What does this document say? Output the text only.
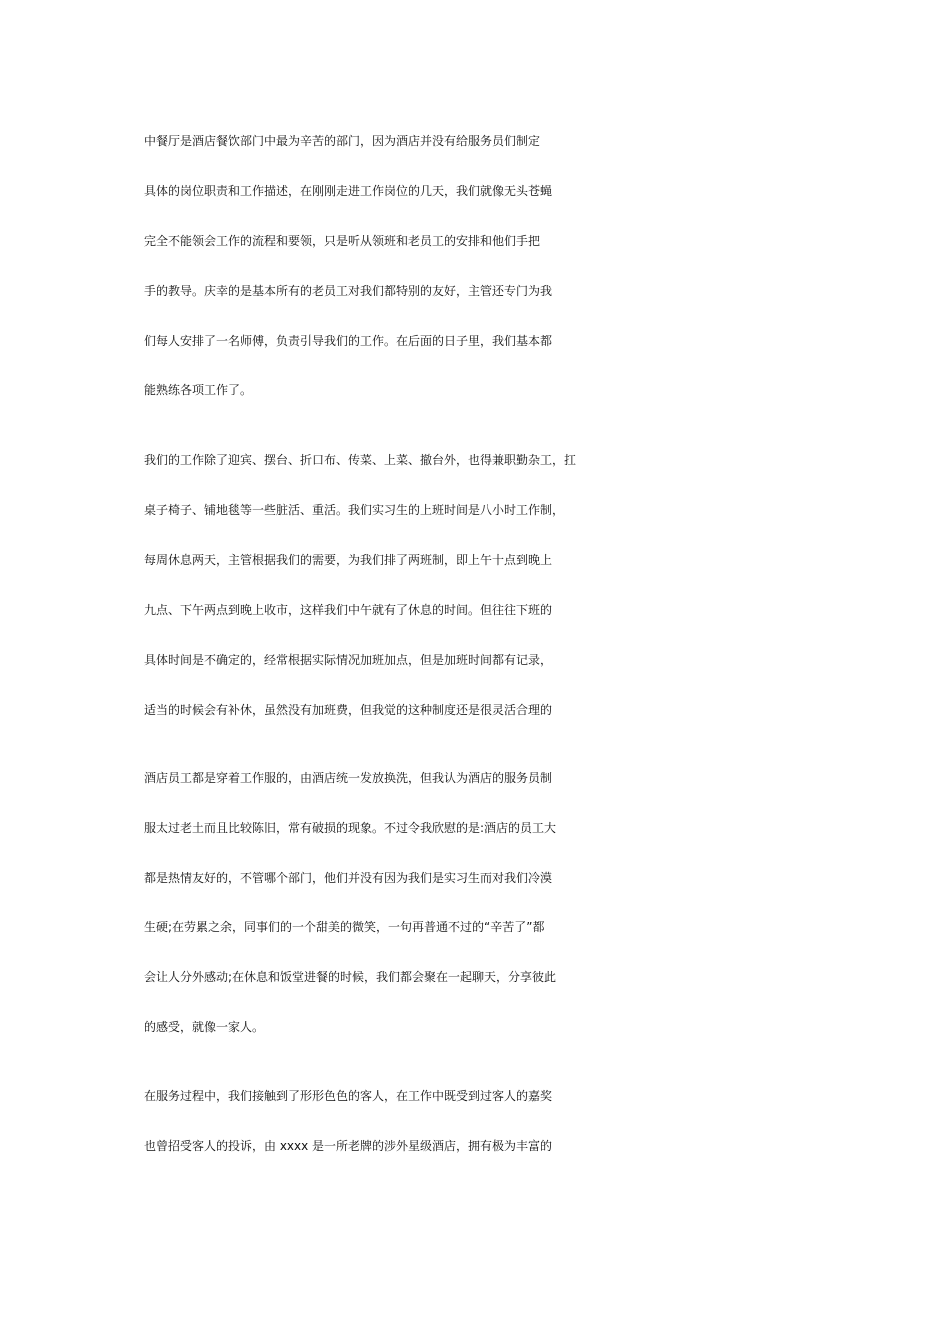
中餐厅是酒店餐饮部门中最为辛苦的部门，因为酒店并没有给服务员们制定
具体的岗位职责和工作描述，在刚刚走进工作岗位的几天，我们就像无头苍蝇
完全不能领会工作的流程和要领，只是听从领班和老员工的安排和他们手把
手的教导。庆幸的是基本所有的老员工对我们都特别的友好，主管还专门为我
们每人安排了一名师傅，负责引导我们的工作。在后面的日子里，我们基本都
能熟练各项工作了。
我们的工作除了迎宾、摆台、折口布、传菜、上菜、撤台外，也得兼职勤杂工，扛
桌子椅子、铺地毯等一些脏活、重活。我们实习生的上班时间是八小时工作制，
每周休息两天，主管根据我们的需要，为我们排了两班制，即上午十点到晚上
九点、下午两点到晚上收市，这样我们中午就有了休息的时间。但往往下班的
具体时间是不确定的，经常根据实际情况加班加点，但是加班时间都有记录，
适当的时候会有补休，虽然没有加班费，但我觉的这种制度还是很灵活合理的
酒店员工都是穿着工作服的，由酒店统一发放换洗，但我认为酒店的服务员制
服太过老土而且比较陈旧，常有破损的现象。不过令我欣慰的是:酒店的员工大
都是热情友好的，不管哪个部门，他们并没有因为我们是实习生而对我们冷漠
生硬;在劳累之余，同事们的一个甜美的微笑，一句再普通不过的“辛苦了”都
会让人分外感动;在休息和饭堂进餐的时候，我们都会聚在一起聊天，分享彼此
的感受，就像一家人。
在服务过程中，我们接触到了形形色色的客人，在工作中既受到过客人的嘉奖
也曾招受客人的投诉，由 xxxx 是一所老牌的涉外星级酒店，拥有极为丰富的
